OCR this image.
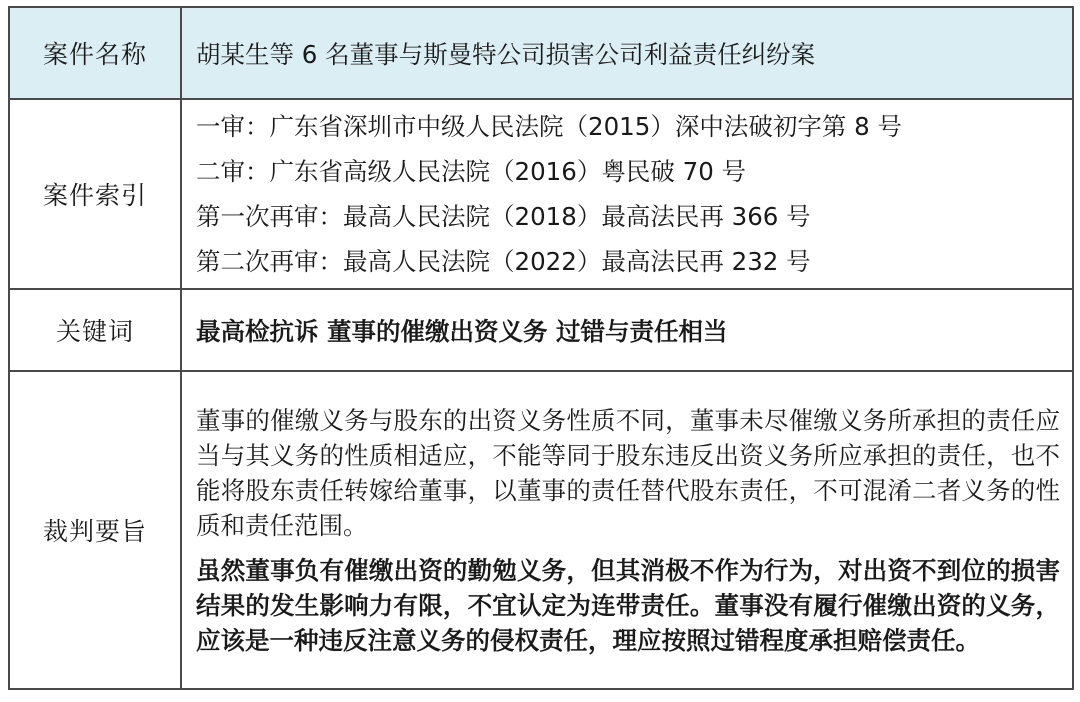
案件名称	胡某生等 6 名董事与斯曼特公司损害公司利益责任纠纷案
案件索引	一审：广东省深圳市中级人民法院（2015）深中法破初字第 8 号
二审：广东省高级人民法院（2016）粤民破 70 号
第一次再审：最高人民法院（2018）最高法民再 366 号
第二次再审：最高人民法院（2022）最高法民再 232 号

关键词	最高检抗诉 董事的催缴出资义务 过错与责任相当
裁判要旨	董事的催缴义务与股东的出资义务性质不同，董事未尽催缴义务所承担的责任应当与其义务的性质相适应，不能等同于股东违反出资义务所应承担的责任，也不能将股东责任转嫁给董事，以董事的责任替代股东责任，不可混淆二者义务的性质和责任范围。

虽然董事负有催缴出资的勤勉义务，但其消极不作为行为，对出资不到位的损害结果的发生影响力有限，不宜认定为连带责任。董事没有履行催缴出资的义务，应该是一种违反注意义务的侵权责任，理应按照过错程度承担赔偿责任。
